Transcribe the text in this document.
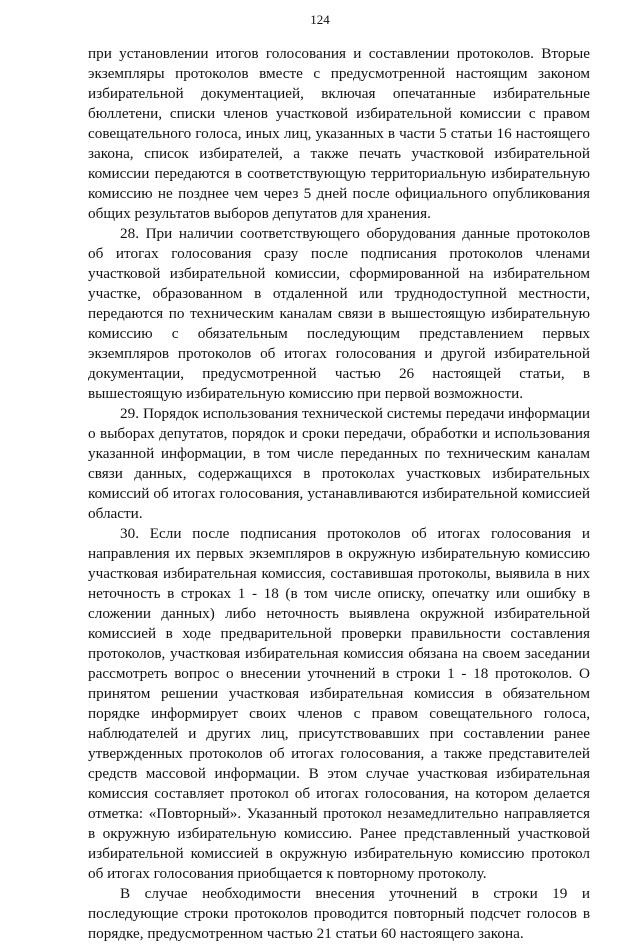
124

при установлении итогов голосования и составлении протоколов. Вторые экземпляры протоколов вместе с предусмотренной настоящим законом избирательной документацией, включая опечатанные избирательные бюллетени, списки членов участковой избирательной комиссии с правом совещательного голоса, иных лиц, указанных в части 5 статьи 16 настоящего закона, список избирателей, а также печать участковой избирательной комиссии передаются в соответствующую территориальную избирательную комиссию не позднее чем через 5 дней после официального опубликования общих результатов выборов депутатов для хранения.

28. При наличии соответствующего оборудования данные протоколов об итогах голосования сразу после подписания протоколов членами участковой избирательной комиссии, сформированной на избирательном участке, образованном в отдаленной или труднодоступной местности, передаются по техническим каналам связи в вышестоящую избирательную комиссию с обязательным последующим представлением первых экземпляров протоколов об итогах голосования и другой избирательной документации, предусмотренной частью 26 настоящей статьи, в вышестоящую избирательную комиссию при первой возможности.

29. Порядок использования технической системы передачи информации о выборах депутатов, порядок и сроки передачи, обработки и использования указанной информации, в том числе переданных по техническим каналам связи данных, содержащихся в протоколах участковых избирательных комиссий об итогах голосования, устанавливаются избирательной комиссией области.

30. Если после подписания протоколов об итогах голосования и направления их первых экземпляров в окружную избирательную комиссию участковая избирательная комиссия, составившая протоколы, выявила в них неточность в строках 1 - 18 (в том числе описку, опечатку или ошибку в сложении данных) либо неточность выявлена окружной избирательной комиссией в ходе предварительной проверки правильности составления протоколов, участковая избирательная комиссия обязана на своем заседании рассмотреть вопрос о внесении уточнений в строки 1 - 18 протоколов. О принятом решении участковая избирательная комиссия в обязательном порядке информирует своих членов с правом совещательного голоса, наблюдателей и других лиц, присутствовавших при составлении ранее утвержденных протоколов об итогах голосования, а также представителей средств массовой информации. В этом случае участковая избирательная комиссия составляет протокол об итогах голосования, на котором делается отметка: «Повторный». Указанный протокол незамедлительно направляется в окружную избирательную комиссию. Ранее представленный участковой избирательной комиссией в окружную избирательную комиссию протокол об итогах голосования приобщается к повторному протоколу.

В случае необходимости внесения уточнений в строки 19 и последующие строки протоколов проводится повторный подсчет голосов в порядке, предусмотренном частью 21 статьи 60 настоящего закона.
